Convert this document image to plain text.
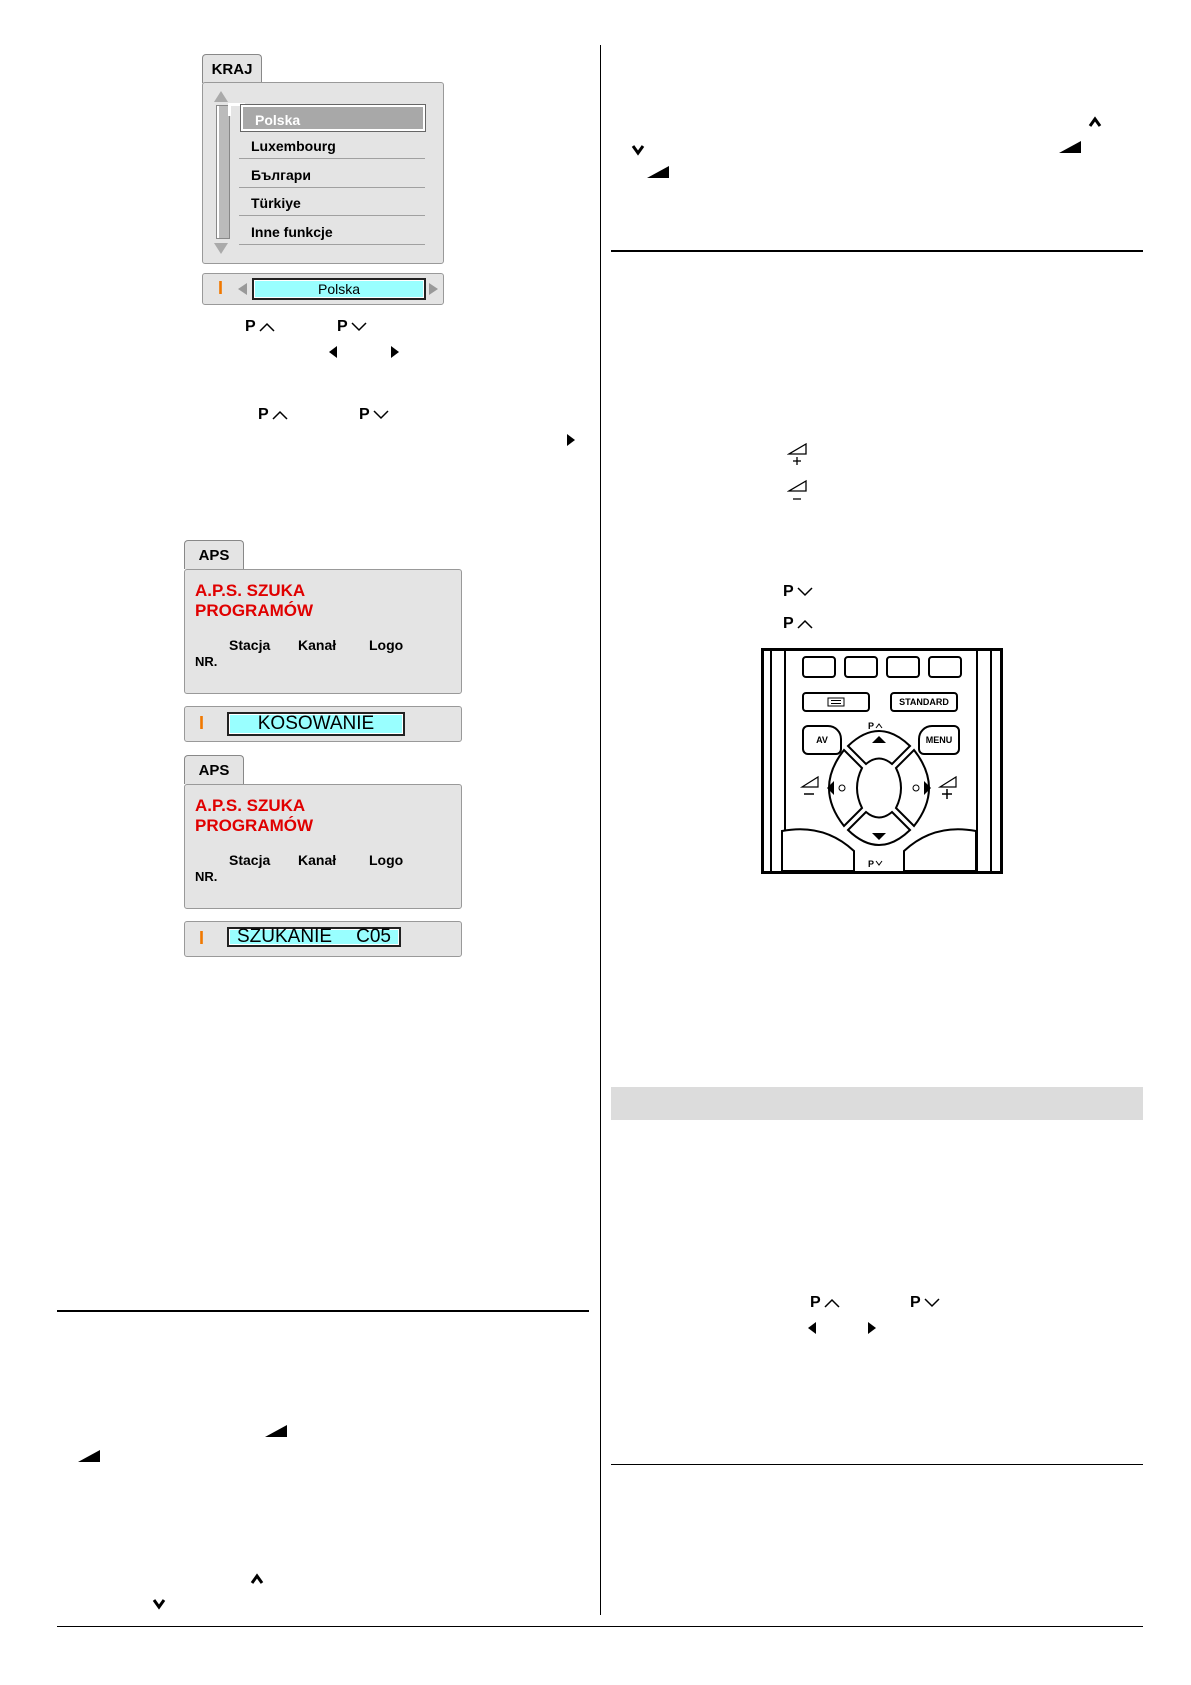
KRAJ
Polska
Luxembourg
Българи
Türkiye
Inne funkcje
Ɩ	Polska
P	P
P	P
APS
A.P.S. SZUKA
PROGRAMÓW
Stacja Kanał Logo
NR.
Ɩ	KOSOWANIE
APS
A.P.S. SZUKA
PROGRAMÓW
Stacja Kanał Logo
NR.
Ɩ SZUKANIE C05
P
P
STANDARD
P
P
AV	MENU
P	P
